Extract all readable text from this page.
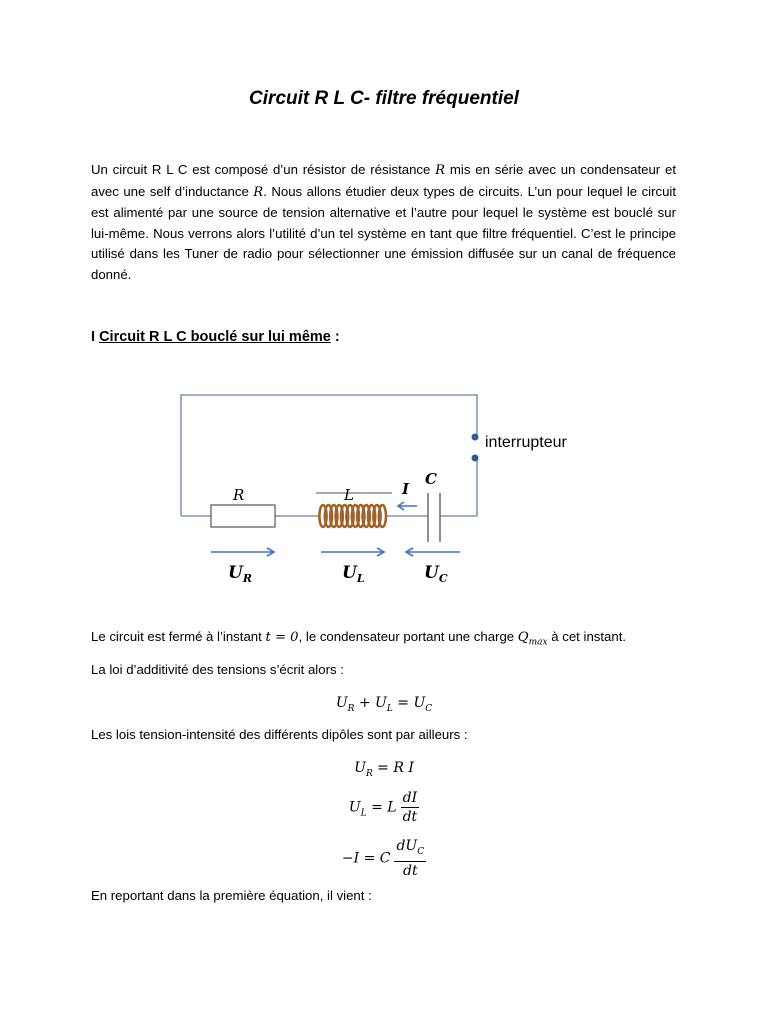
Circuit R L C- filtre fréquentiel
Un circuit R L C est composé d’un résistor de résistance R mis en série avec un condensateur et avec une self d’inductance R. Nous allons étudier deux types de circuits. L’un pour lequel le circuit est alimenté par une source de tension alternative et l’autre pour lequel le système est bouclé sur lui-même. Nous verrons alors l’utilité d’un tel système en tant que filtre fréquentiel. C’est le principe utilisé dans les Tuner de radio pour sélectionner une émission diffusée sur un canal de fréquence donné.
I Circuit R L C bouclé sur lui même :
interrupteur
R	L
C
I
$U_R$	$U_L$	$U_C$
Le circuit est fermé à l’instant t = 0, le condensateur portant une charge $Q_{max}$ à cet instant.
La loi d’additivité des tensions s’écrit alors :
$U_R + U_L = U_C$
Les lois tension-intensité des différents dipôles sont par ailleurs :
$U_R = R$ I
$U_L = L \frac{dI}{dt}$
−I = C $\frac{dU_C}{dt}$
En reportant dans la première équation, il vient :
